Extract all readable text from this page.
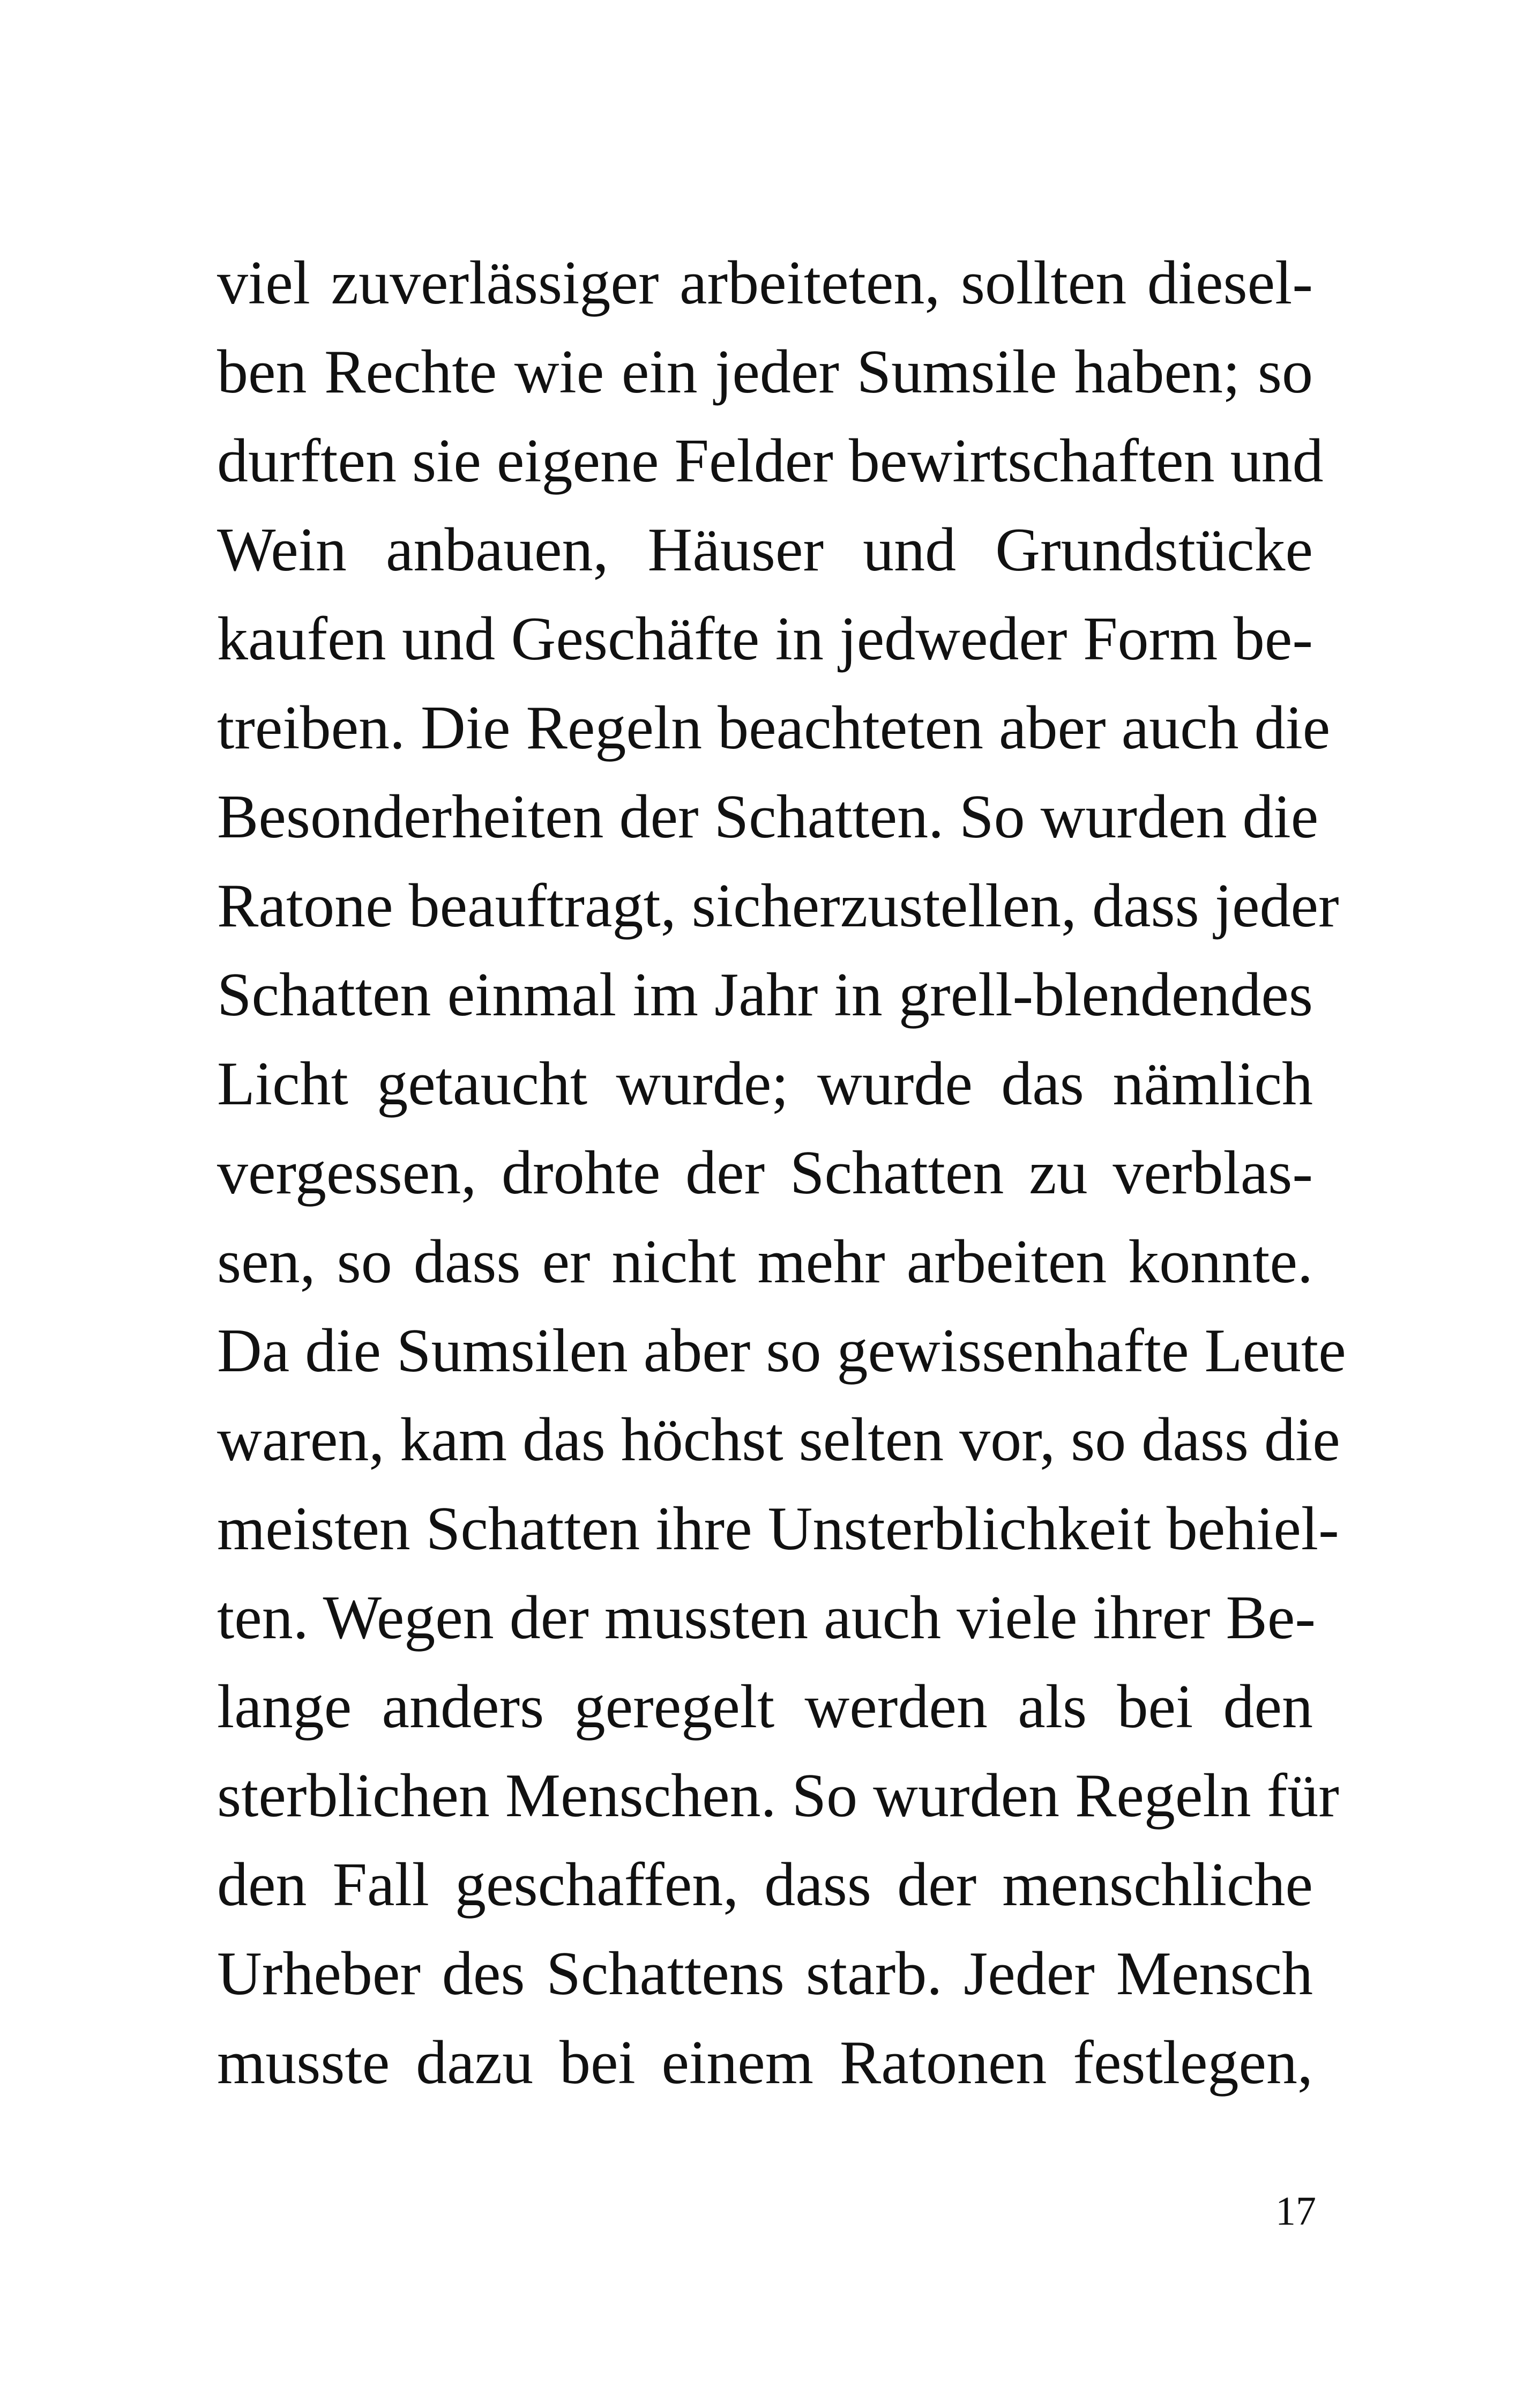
viel zuverlässiger arbeiteten, sollten diesel-
ben Rechte wie ein jeder Sumsile haben; so
durften sie eigene Felder bewirtschaften und
Wein anbauen, Häuser und Grundstücke
kaufen und Geschäfte in jedweder Form be-
treiben. Die Regeln beachteten aber auch die
Besonderheiten der Schatten. So wurden die
Ratone beauftragt, sicherzustellen, dass jeder
Schatten einmal im Jahr in grell-blendendes
Licht getaucht wurde; wurde das nämlich
vergessen, drohte der Schatten zu verblas-
sen, so dass er nicht mehr arbeiten konnte.
Da die Sumsilen aber so gewissenhafte Leute
waren, kam das höchst selten vor, so dass die
meisten Schatten ihre Unsterblichkeit behiel-
ten. Wegen der mussten auch viele ihrer Be-
lange anders geregelt werden als bei den
sterblichen Menschen. So wurden Regeln für
den Fall geschaffen, dass der menschliche
Urheber des Schattens starb. Jeder Mensch
musste dazu bei einem Ratonen festlegen,
17
